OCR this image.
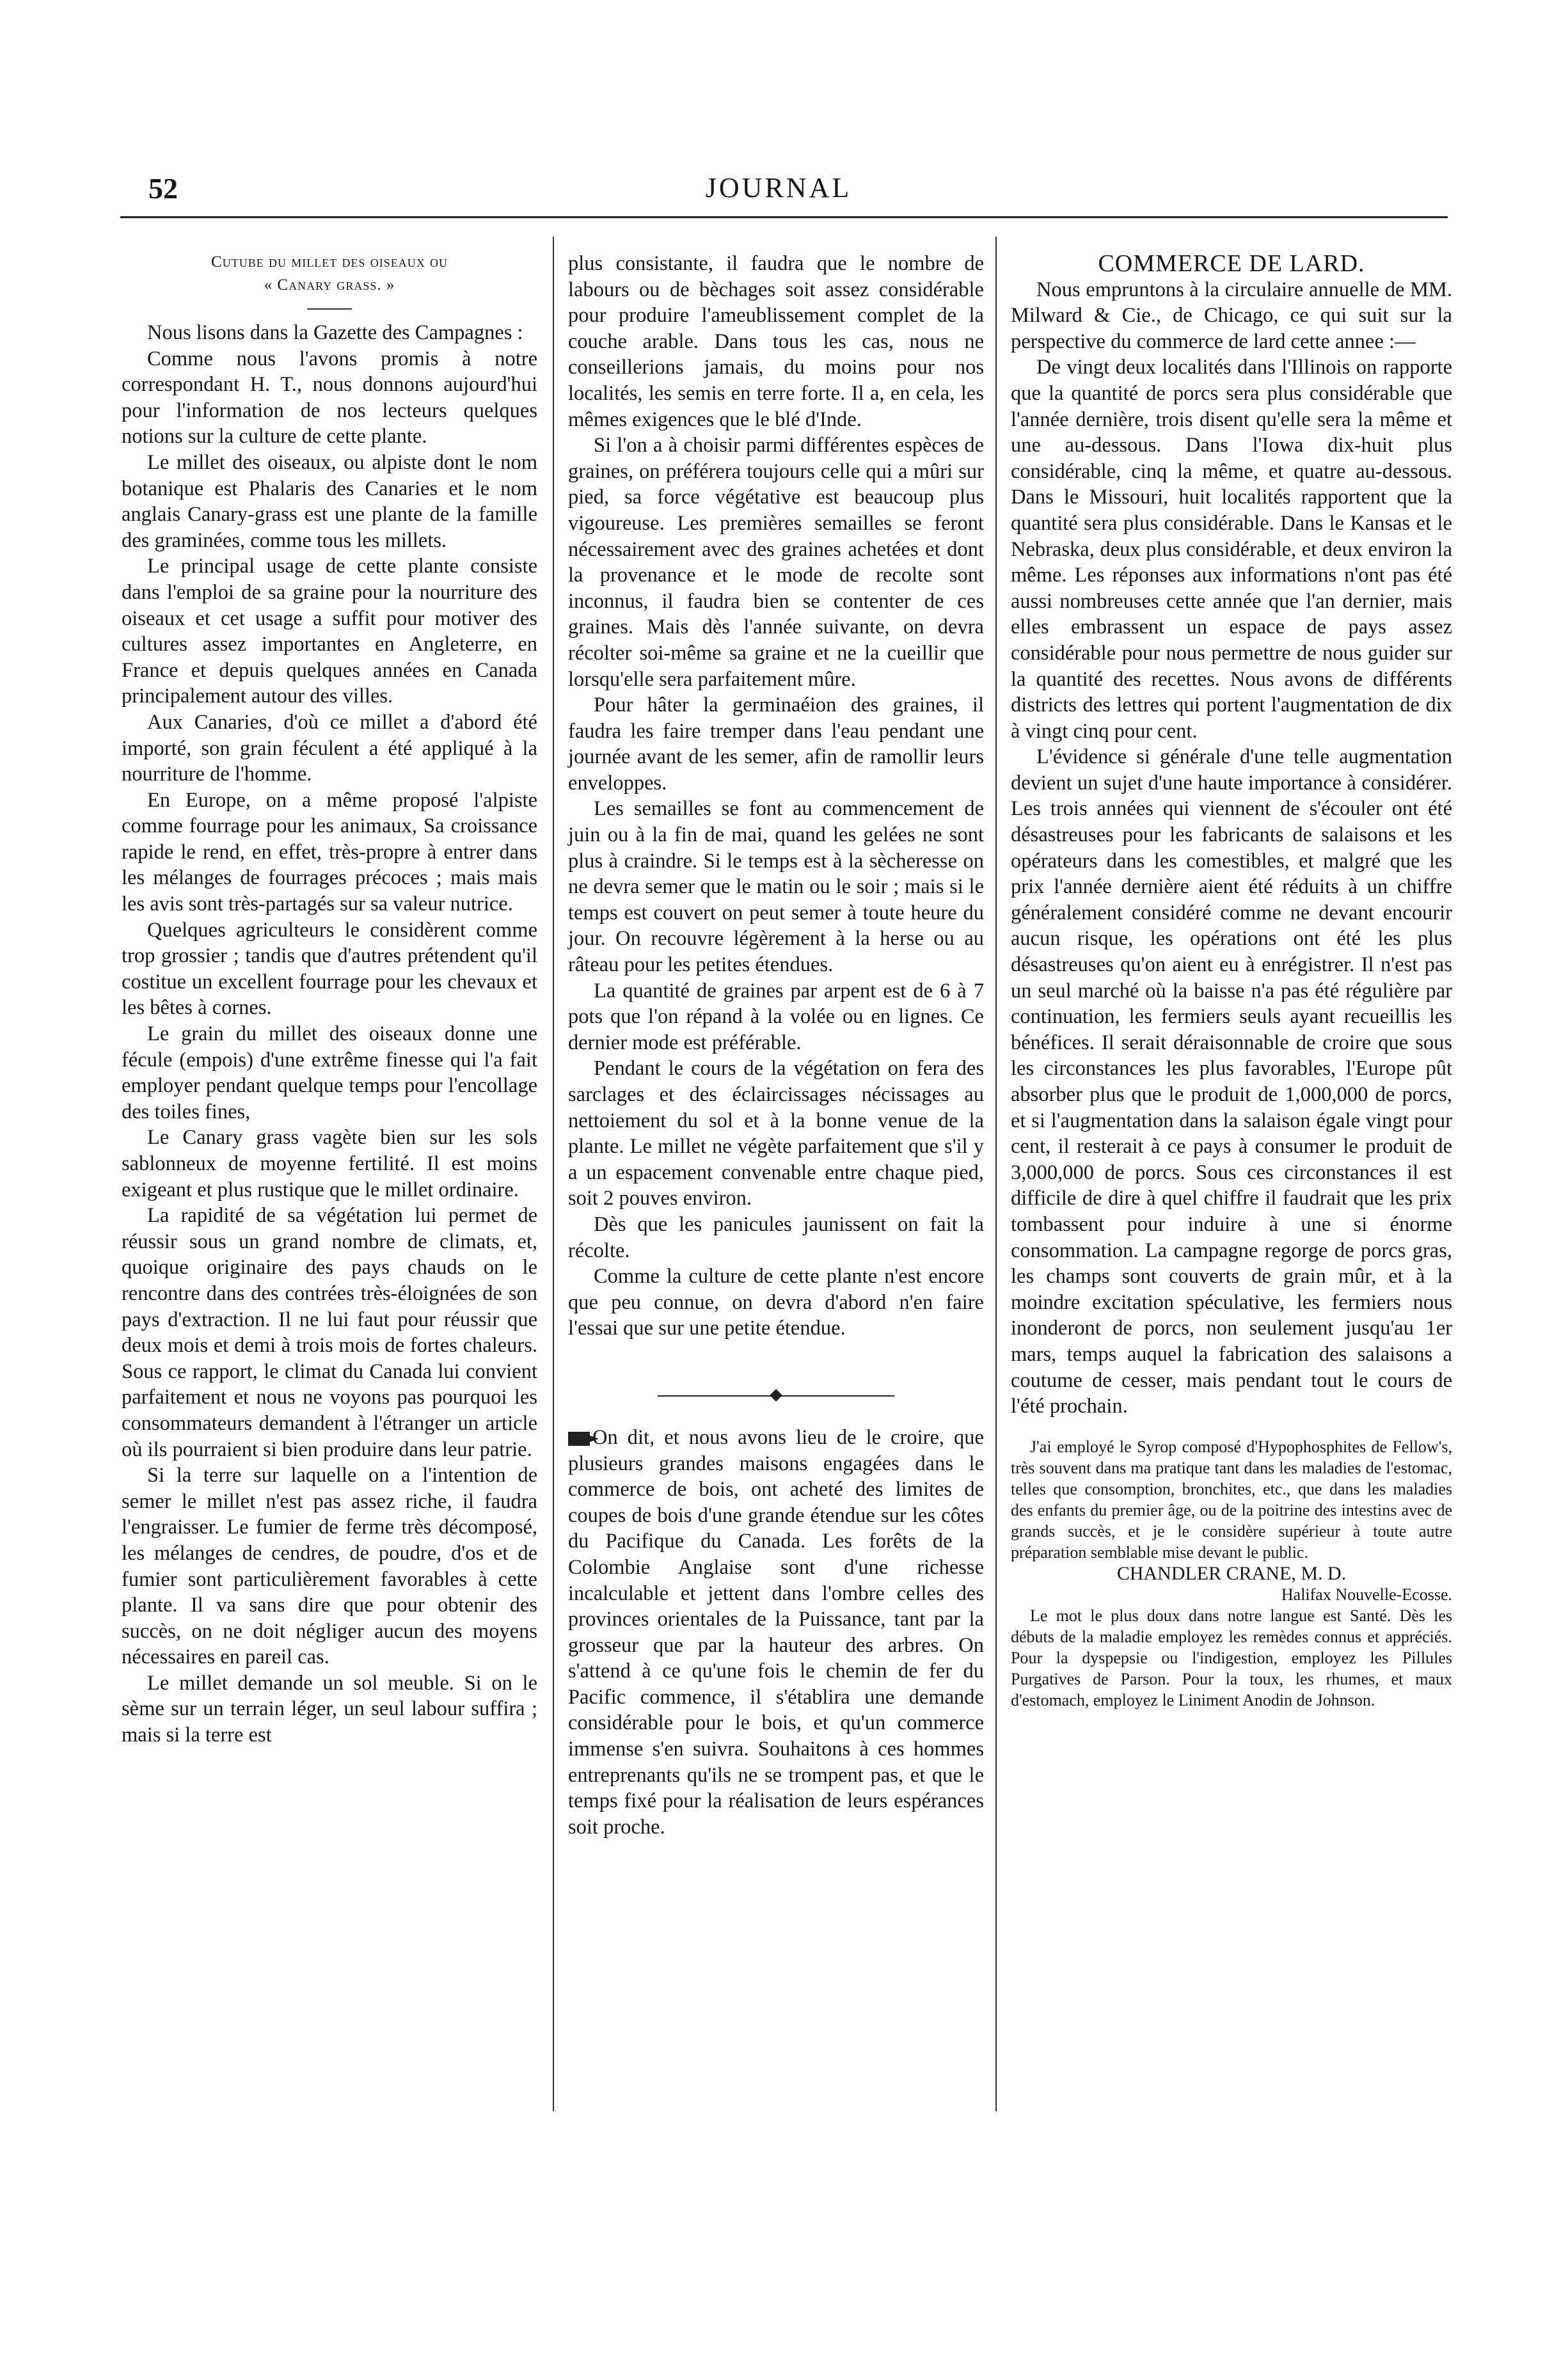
52	JOURNAL
Cutube du millet des oiseaux ou
« Canary grass. »

Nous lisons dans la Gazette des Campagnes :

Comme nous l'avons promis à notre correspondant H. T., nous donnons aujourd'hui pour l'information de nos lecteurs quelques notions sur la culture de cette plante.

Le millet des oiseaux, ou alpiste dont le nom botanique est Phalaris des Canaries et le nom anglais Canary-grass est une plante de la famille des graminées, comme tous les millets.

Le principal usage de cette plante consiste dans l'emploi de sa graine pour la nourriture des oiseaux et cet usage a suffit pour motiver des cultures assez importantes en Angleterre, en France et depuis quelques années en Canada principalement autour des villes.

Aux Canaries, d'où ce millet a d'abord été importé, son grain féculent a été appliqué à la nourriture de l'homme.

En Europe, on a même proposé l'alpiste comme fourrage pour les animaux, Sa croissance rapide le rend, en effet, très-propre à entrer dans les mélanges de fourrages précoces ; mais mais les avis sont très-partagés sur sa valeur nutrice.

Quelques agriculteurs le considèrent comme trop grossier ; tandis que d'autres prétendent qu'il costitue un excellent fourrage pour les chevaux et les bêtes à cornes.

Le grain du millet des oiseaux donne une fécule (empois) d'une extrême finesse qui l'a fait employer pendant quelque temps pour l'encollage des toiles fines,

Le Canary grass vagète bien sur les sols sablonneux de moyenne fertilité. Il est moins exigeant et plus rustique que le millet ordinaire.

La rapidité de sa végétation lui permet de réussir sous un grand nombre de climats, et, quoique originaire des pays chauds on le rencontre dans des contrées très-éloignées de son pays d'extraction. Il ne lui faut pour réussir que deux mois et demi à trois mois de fortes chaleurs. Sous ce rapport, le climat du Canada lui convient parfaitement et nous ne voyons pas pourquoi les consommateurs demandent à l'étranger un article où ils pourraient si bien produire dans leur patrie.

Si la terre sur laquelle on a l'intention de semer le millet n'est pas assez riche, il faudra l'engraisser. Le fumier de ferme très décomposé, les mélanges de cendres, de poudre, d'os et de fumier sont particulièrement favorables à cette plante. Il va sans dire que pour obtenir des succès, on ne doit négliger aucun des moyens nécessaires en pareil cas.

Le millet demande un sol meuble. Si on le sème sur un terrain léger, un seul labour suffira ; mais si la terre est

plus consistante, il faudra que le nombre de labours ou de bèchages soit assez considérable pour produire l'ameublissement complet de la couche arable. Dans tous les cas, nous ne conseillerions jamais, du moins pour nos localités, les semis en terre forte. Il a, en cela, les mêmes exigences que le blé d'Inde.

Si l'on a à choisir parmi différentes espèces de graines, on préférera toujours celle qui a mûri sur pied, sa force végétative est beaucoup plus vigoureuse. Les premières semailles se feront nécessairement avec des graines achetées et dont la provenance et le mode de recolte sont inconnus, il faudra bien se contenter de ces graines. Mais dès l'année suivante, on devra récolter soi-même sa graine et ne la cueillir que lorsqu'elle sera parfaitement mûre.

Pour hâter la germinaéion des graines, il faudra les faire tremper dans l'eau pendant une journée avant de les semer, afin de ramollir leurs enveloppes.

Les semailles se font au commencement de juin ou à la fin de mai, quand les gelées ne sont plus à craindre. Si le temps est à la sècheresse on ne devra semer que le matin ou le soir ; mais si le temps est couvert on peut semer à toute heure du jour. On recouvre légèrement à la herse ou au râteau pour les petites étendues.

La quantité de graines par arpent est de 6 à 7 pots que l'on répand à la volée ou en lignes. Ce dernier mode est préférable.

Pendant le cours de la végétation on fera des sarclages et des éclaircissages nécissages au nettoiement du sol et à la bonne venue de la plante. Le millet ne végète parfaitement que s'il y a un espacement convenable entre chaque pied, soit 2 pouves environ.

Dès que les panicules jaunissent on fait la récolte.

Comme la culture de cette plante n'est encore que peu connue, on devra d'abord n'en faire l'essai que sur une petite étendue.

On dit, et nous avons lieu de le croire, que plusieurs grandes maisons engagées dans le commerce de bois, ont acheté des limites de coupes de bois d'une grande étendue sur les côtes du Pacifique du Canada. Les forêts de la Colombie Anglaise sont d'une richesse incalculable et jettent dans l'ombre celles des provinces orientales de la Puissance, tant par la grosseur que par la hauteur des arbres. On s'attend à ce qu'une fois le chemin de fer du Pacific commence, il s'établira une demande considérable pour le bois, et qu'un commerce immense s'en suivra. Souhaitons à ces hommes entreprenants qu'ils ne se trompent pas, et que le temps fixé pour la réalisation de leurs espérances soit proche.

COMMERCE DE LARD.

Nous empruntons à la circulaire annuelle de MM. Milward & Cie., de Chicago, ce qui suit sur la perspective du commerce de lard cette annee :—

De vingt deux localités dans l'Illinois on rapporte que la quantité de porcs sera plus considérable que l'année dernière, trois disent qu'elle sera la même et une au-dessous. Dans l'Iowa dix-huit plus considérable, cinq la même, et quatre au-dessous. Dans le Missouri, huit localités rapportent que la quantité sera plus considérable. Dans le Kansas et le Nebraska, deux plus considérable, et deux environ la même. Les réponses aux informations n'ont pas été aussi nombreuses cette année que l'an dernier, mais elles embrassent un espace de pays assez considérable pour nous permettre de nous guider sur la quantité des recettes. Nous avons de différents districts des lettres qui portent l'augmentation de dix à vingt cinq pour cent.

L'évidence si générale d'une telle augmentation devient un sujet d'une haute importance à considérer. Les trois années qui viennent de s'écouler ont été désastreuses pour les fabricants de salaisons et les opérateurs dans les comestibles, et malgré que les prix l'année dernière aient été réduits à un chiffre généralement considéré comme ne devant encourir aucun risque, les opérations ont été les plus désastreuses qu'on aient eu à enrégistrer. Il n'est pas un seul marché où la baisse n'a pas été régulière par continuation, les fermiers seuls ayant recueillis les bénéfices. Il serait déraisonnable de croire que sous les circonstances les plus favorables, l'Europe pût absorber plus que le produit de 1,000,000 de porcs, et si l'augmentation dans la salaison égale vingt pour cent, il resterait à ce pays à consumer le produit de 3,000,000 de porcs. Sous ces circonstances il est difficile de dire à quel chiffre il faudrait que les prix tombassent pour induire à une si énorme consommation. La campagne regorge de porcs gras, les champs sont couverts de grain mûr, et à la moindre excitation spéculative, les fermiers nous inonderont de porcs, non seulement jusqu'au 1er mars, temps auquel la fabrication des salaisons a coutume de cesser, mais pendant tout le cours de l'été prochain.

J'ai employé le Syrop composé d'Hypophosphites de Fellow's, très souvent dans ma pratique tant dans les maladies de l'estomac, telles que consomption, bronchites, etc., que dans les maladies des enfants du premier âge, ou de la poitrine des intestins avec de grands succès, et je le considère supérieur à toute autre préparation semblable mise devant le public.

CHANDLER CRANE, M. D.

Halifax Nouvelle-Ecosse.

Le mot le plus doux dans notre langue est Santé. Dès les débuts de la maladie employez les remèdes connus et appréciés. Pour la dyspepsie ou l'indigestion, employez les Pillules Purgatives de Parson. Pour la toux, les rhumes, et maux d'estomach, employez le Liniment Anodin de Johnson.
